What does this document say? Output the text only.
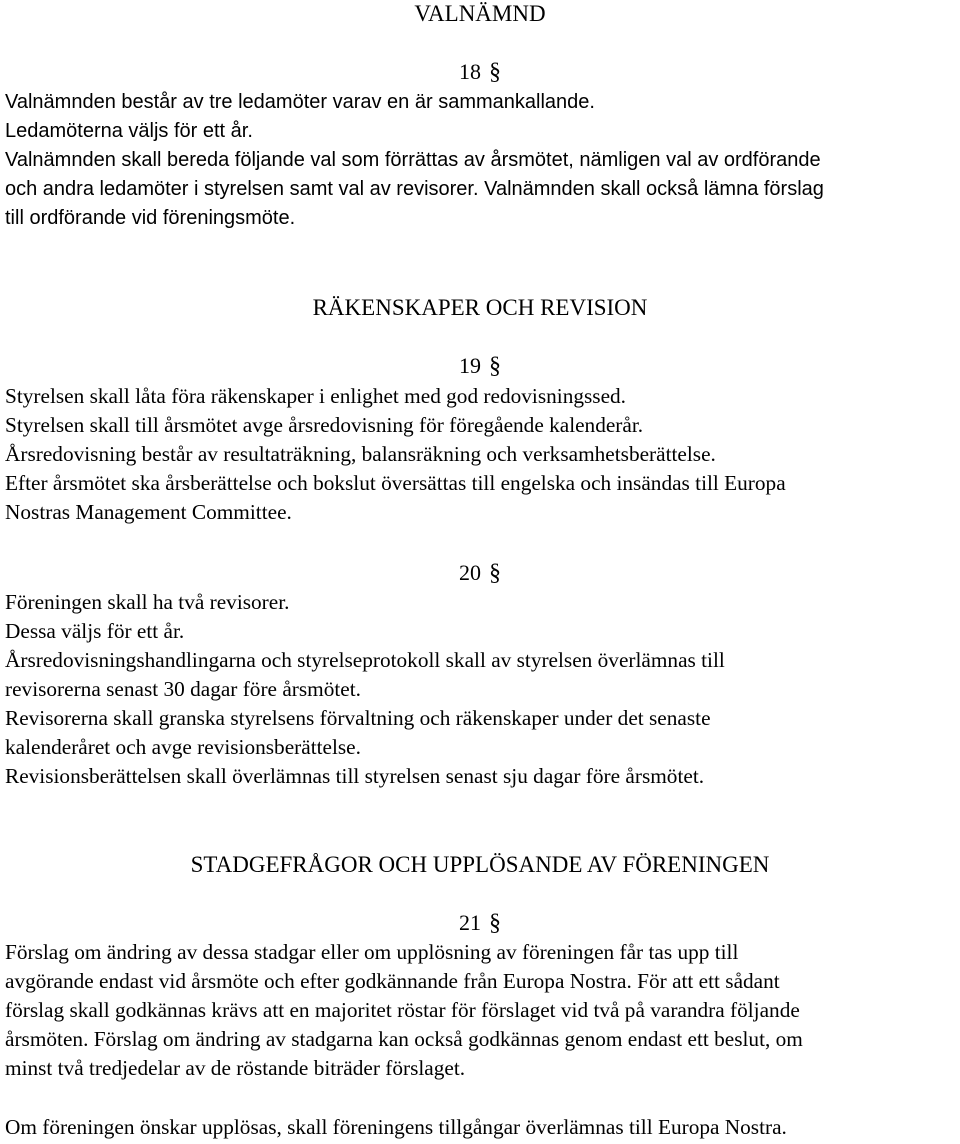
VALNÄMND
18 §

Valnämnden består av tre ledamöter varav en är sammankallande.

Ledamöterna väljs för ett år.

Valnämnden skall bereda följande val som förrättas av årsmötet, nämligen val av ordförande

och andra ledamöter i styrelsen samt val av revisorer. Valnämnden skall också lämna förslag

till ordförande vid föreningsmöte.

RÄKENSKAPER OCH REVISION
19 §

Styrelsen skall låta föra räkenskaper i enlighet med god redovisningssed.

Styrelsen skall till årsmötet avge årsredovisning för föregående kalenderår.

Årsredovisning består av resultaträkning, balansräkning och verksamhetsberättelse.

Efter årsmötet ska årsberättelse och bokslut översättas till engelska och insändas till Europa

Nostras Management Committee.

20 §

Föreningen skall ha två revisorer.

Dessa väljs för ett år.

Årsredovisningshandlingarna och styrelseprotokoll skall av styrelsen överlämnas till

revisorerna senast 30 dagar före årsmötet.

Revisorerna skall granska styrelsens förvaltning och räkenskaper under det senaste

kalenderåret och avge revisionsberättelse.

Revisionsberättelsen skall överlämnas till styrelsen senast sju dagar före årsmötet.

STADGEFRÅGOR OCH UPPLÖSANDE AV FÖRENINGEN
21 §

Förslag om ändring av dessa stadgar eller om upplösning av föreningen får tas upp till

avgörande endast vid årsmöte och efter godkännande från Europa Nostra. För att ett sådant

förslag skall godkännas krävs att en majoritet röstar för förslaget vid två på varandra följande

årsmöten. Förslag om ändring av stadgarna kan också godkännas genom endast ett beslut, om

minst två tredjedelar av de röstande biträder förslaget.

Om föreningen önskar upplösas, skall föreningens tillgångar överlämnas till Europa Nostra.
